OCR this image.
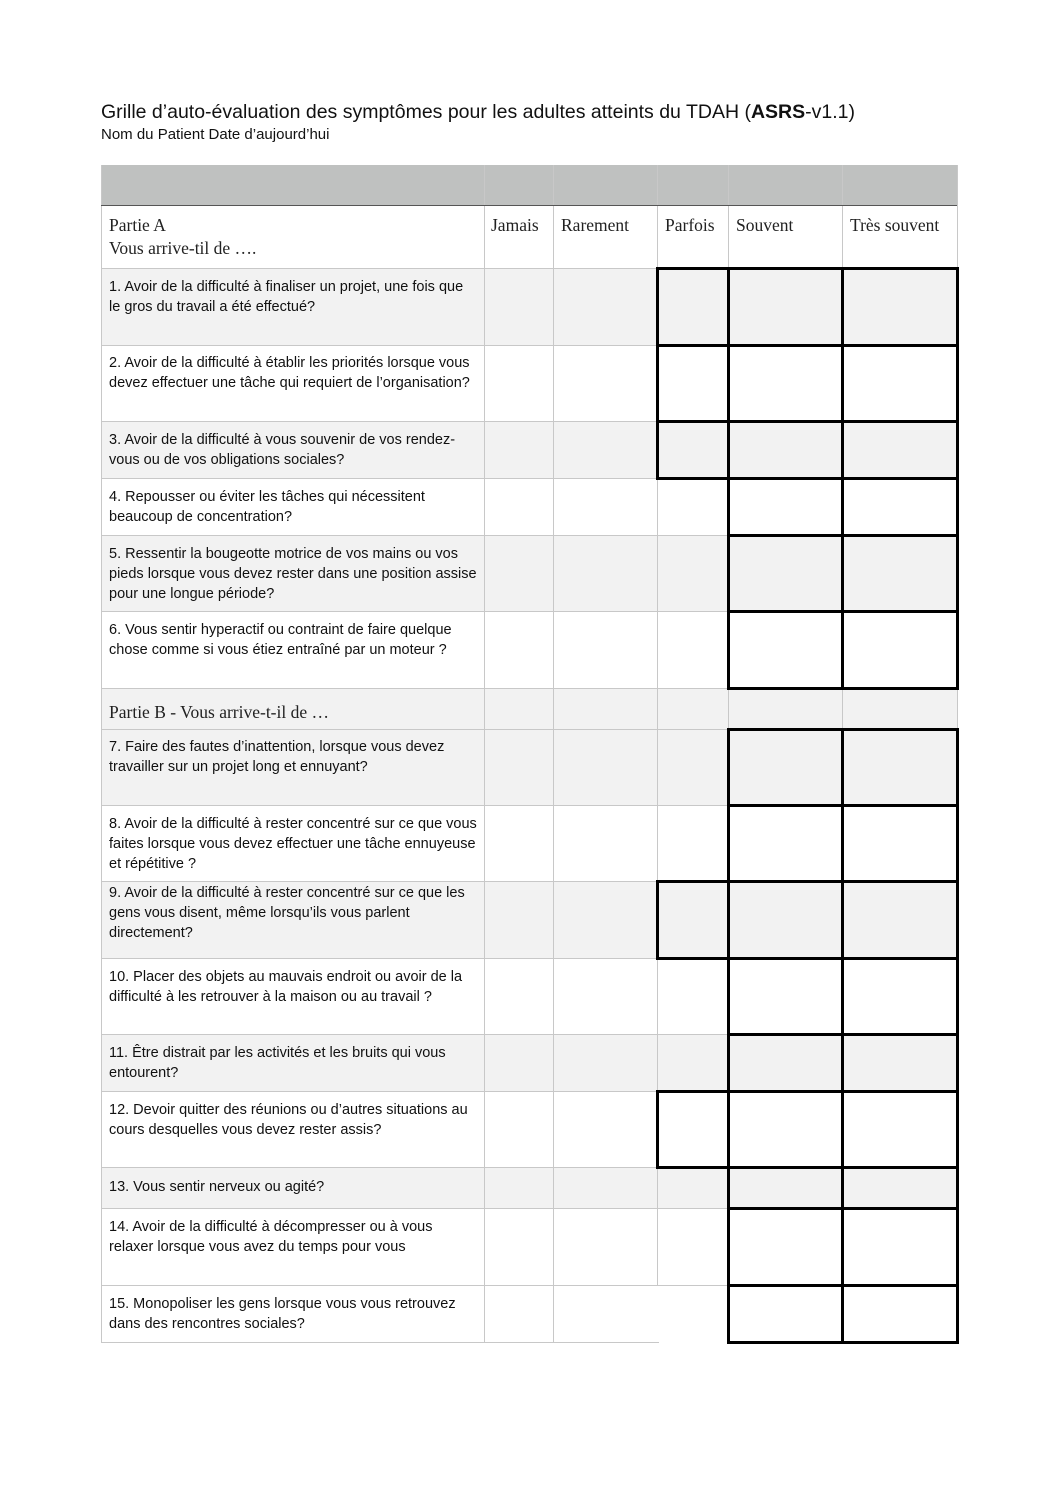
Grille d’auto-évaluation des symptômes pour les adultes atteints du TDAH (ASRS-v1.1)
Nom du Patient Date d’aujourd’hui
Partie A
Vous arrive-til de ….
Jamais Rarement Parfois Souvent	Très souvent
1. Avoir de la difficulté à finaliser un projet, une fois que le gros du travail a été effectué?
2. Avoir de la difficulté à établir les priorités lorsque vous devez effectuer une tâche qui requiert de l’organisation?
3. Avoir de la difficulté à vous souvenir de vos rendez-vous ou de vos obligations sociales?
4. Repousser ou éviter les tâches qui nécessitent beaucoup de concentration?
5. Ressentir la bougeotte motrice de vos mains ou vos pieds lorsque vous devez rester dans une position assise pour une longue période?
6. Vous sentir hyperactif ou contraint de faire quelque chose comme si vous étiez entraîné par un moteur ?
Partie B - Vous arrive-t-il de …
7. Faire des fautes d’inattention, lorsque vous devez travailler sur un projet long et ennuyant?
8. Avoir de la difficulté à rester concentré sur ce que vous faites lorsque vous devez effectuer une tâche ennuyeuse et répétitive ?
9. Avoir de la difficulté à rester concentré sur ce que les gens vous disent, même lorsqu’ils vous parlent directement?
10. Placer des objets au mauvais endroit ou avoir de la difficulté à les retrouver à la maison ou au travail ?
11. Être distrait par les activités et les bruits qui vous entourent?
12. Devoir quitter des réunions ou d’autres situations au cours desquelles vous devez rester assis?
13. Vous sentir nerveux ou agité?
14. Avoir de la difficulté à décompresser ou à vous relaxer lorsque vous avez du temps pour vous
15. Monopoliser les gens lorsque vous vous retrouvez dans des rencontres sociales?
